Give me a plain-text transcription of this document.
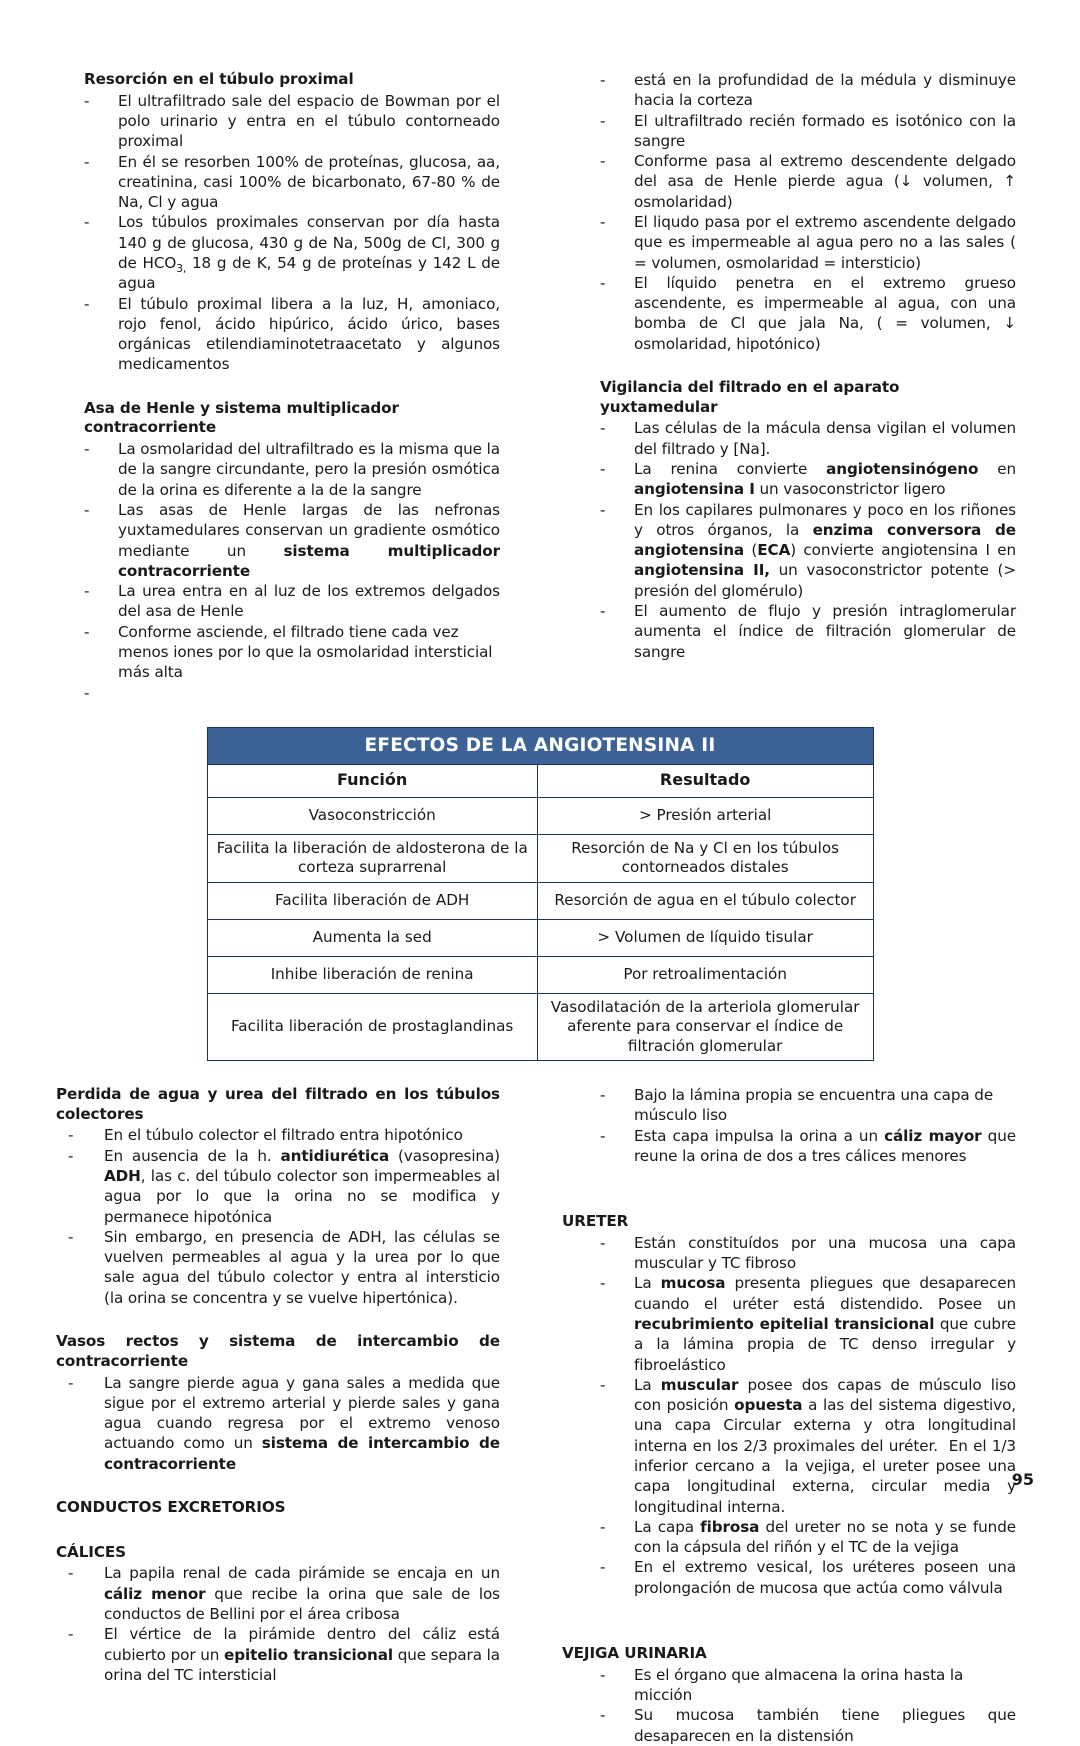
Resorción en el túbulo proximal
- El ultrafiltrado sale del espacio de Bowman por el polo urinario y entra en el túbulo contorneado proximal
- En él se resorben 100% de proteínas, glucosa, aa, creatinina, casi 100% de bicarbonato, 67-80 % de Na, Cl y agua
- Los túbulos proximales conservan por día hasta 140 g de glucosa, 430 g de Na, 500g de Cl, 300 g de $HCO_{3,}$ 18 g de K, 54 g de proteínas y 142 L de agua
- El túbulo proximal libera a la luz, H, amoniaco, rojo fenol, ácido hipúrico, ácido úrico, bases orgánicas etilendiaminotetraacetato y algunos medicamentos
Asa de Henle y sistema multiplicador contracorriente
- La osmolaridad del ultrafiltrado es la misma que la de la sangre circundante, pero la presión osmótica de la orina es diferente a la de la sangre
- Las asas de Henle largas de las nefronas yuxtamedulares conservan un gradiente osmótico mediante un sistema multiplicador contracorriente
- La urea entra en al luz de los extremos delgados del asa de Henle
- Conforme asciende, el filtrado tiene cada vez menos iones por lo que la osmolaridad intersticial más alta
-
- está en la profundidad de la médula y disminuye hacia la corteza
- El ultrafiltrado recién formado es isotónico con la sangre
- Conforme pasa al extremo descendente delgado del asa de Henle pierde agua (↓ volumen, ↑ osmolaridad)
- El liqudo pasa por el extremo ascendente delgado que es impermeable al agua pero no a las sales ( = volumen, osmolaridad = intersticio)
- El líquido penetra en el extremo grueso ascendente, es impermeable al agua, con una bomba de Cl que jala Na, ( = volumen, ↓ osmolaridad, hipotónico)
Vigilancia del filtrado en el aparato yuxtamedular
- Las células de la mácula densa vigilan el volumen del filtrado y [Na].
- La renina convierte angiotensinógeno en angiotensina I un vasoconstrictor ligero
- En los capilares pulmonares y poco en los riñones y otros órganos, la enzima conversora de angiotensina (ECA) convierte angiotensina I en angiotensina II, un vasoconstrictor potente (> presión del glomérulo)
- El aumento de flujo y presión intraglomerular aumenta el índice de filtración glomerular de sangre
EFECTOS DE LA ANGIOTENSINA II	
Función	Resultado
Vasoconstricción	> Presión arterial
Facilita la liberación de aldosterona de la corteza suprarrenal	Resorción de Na y Cl en los túbulos contorneados distales
Facilita liberación de ADH	Resorción de agua en el túbulo colector
Aumenta la sed	> Volumen de líquido tisular
Inhibe liberación de renina	Por retroalimentación
Facilita liberación de prostaglandinas	Vasodilatación de la arteriola glomerular aferente para conservar el índice de filtración glomerular
Perdida de agua y urea del filtrado en los túbulos colectores
- En el túbulo colector el filtrado entra hipotónico
- En ausencia de la h. antidiurética (vasopresina) ADH, las c. del túbulo colector son impermeables al agua por lo que la orina no se modifica y permanece hipotónica
- Sin embargo, en presencia de ADH, las células se vuelven permeables al agua y la urea por lo que sale agua del túbulo colector y entra al intersticio (la orina se concentra y se vuelve hipertónica).
Vasos rectos y sistema de intercambio de contracorriente
- La sangre pierde agua y gana sales a medida que sigue por el extremo arterial y pierde sales y gana agua cuando regresa por el extremo venoso actuando como un sistema de intercambio de contracorriente
CONDUCTOS EXCRETORIOS
CÁLICES
- La papila renal de cada pirámide se encaja en un cáliz menor que recibe la orina que sale de los conductos de Bellini por el área cribosa
- El vértice de la pirámide dentro del cáliz está cubierto por un epitelio transicional que separa la orina del TC intersticial
- Bajo la lámina propia se encuentra una capa de músculo liso
- Esta capa impulsa la orina a un cáliz mayor que reune la orina de dos a tres cálices menores
URETER
- Están constituídos por una mucosa una capa muscular y TC fibroso
- La mucosa presenta pliegues que desaparecen cuando el uréter está distendido. Posee un recubrimiento epitelial transicional que cubre a la lámina propia de TC denso irregular y fibroelástico
- La muscular posee dos capas de músculo liso con posición opuesta a las del sistema digestivo, una capa Circular externa y otra longitudinal interna en los 2/3 proximales del uréter.  En el 1/3 inferior cercano a  la vejiga, el ureter posee una capa longitudinal externa, circular media y longitudinal interna.
- La capa fibrosa del ureter no se nota y se funde con la cápsula del riñón y el TC de la vejiga
- En el extremo vesical, los uréteres poseen una prolongación de mucosa que actúa como válvula
VEJIGA URINARIA
- Es el órgano que almacena la orina hasta la micción
- Su mucosa también tiene pliegues que desaparecen en la distensión
95
